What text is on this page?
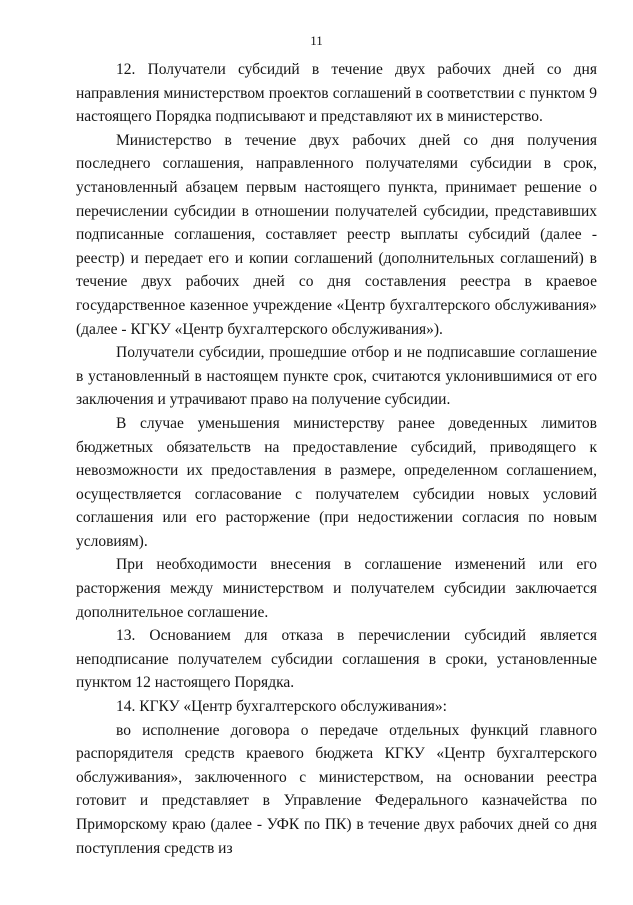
11

12. Получатели субсидий в течение двух рабочих дней со дня направления министерством проектов соглашений в соответствии с пунктом 9 настоящего Порядка подписывают и представляют их в министерство.

Министерство в течение двух рабочих дней со дня получения последнего соглашения, направленного получателями субсидии в срок, установленный абзацем первым настоящего пункта, принимает решение о перечислении субсидии в отношении получателей субсидии, представивших подписанные соглашения, составляет реестр выплаты субсидий (далее - реестр) и передает его и копии соглашений (дополнительных соглашений) в течение двух рабочих дней со дня составления реестра в краевое государственное казенное учреждение «Центр бухгалтерского обслуживания» (далее - КГКУ «Центр бухгалтерского обслуживания»).

Получатели субсидии, прошедшие отбор и не подписавшие соглашение в установленный в настоящем пункте срок, считаются уклонившимися от его заключения и утрачивают право на получение субсидии.

В случае уменьшения министерству ранее доведенных лимитов бюджетных обязательств на предоставление субсидий, приводящего к невозможности их предоставления в размере, определенном соглашением, осуществляется согласование с получателем субсидии новых условий соглашения или его расторжение (при недостижении согласия по новым условиям).

При необходимости внесения в соглашение изменений или его расторжения между министерством и получателем субсидии заключается дополнительное соглашение.

13. Основанием для отказа в перечислении субсидий является неподписание получателем субсидии соглашения в сроки, установленные пунктом 12 настоящего Порядка.

14. КГКУ «Центр бухгалтерского обслуживания»:

во исполнение договора о передаче отдельных функций главного распорядителя средств краевого бюджета КГКУ «Центр бухгалтерского обслуживания», заключенного с министерством, на основании реестра готовит и представляет в Управление Федерального казначейства по Приморскому краю (далее - УФК по ПК) в течение двух рабочих дней со дня поступления средств из
